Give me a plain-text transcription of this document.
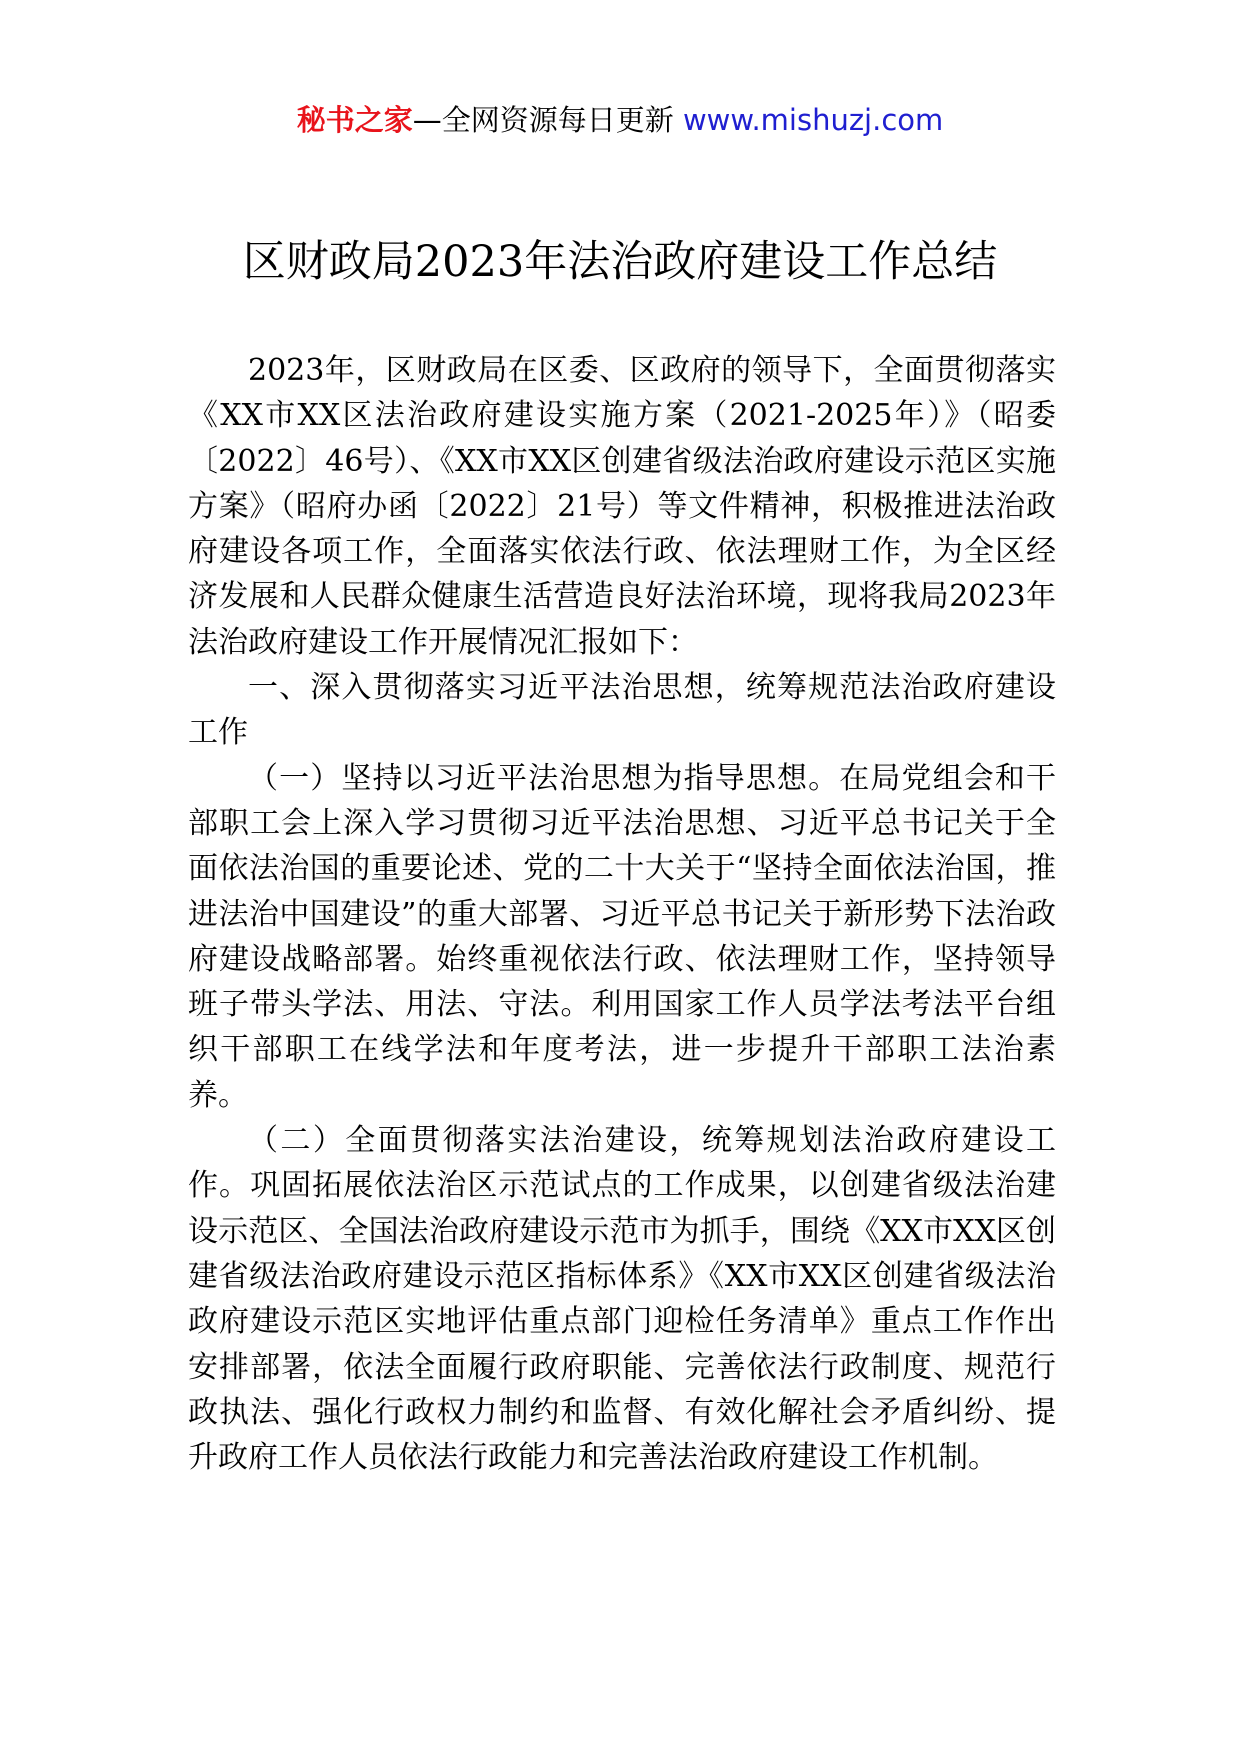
秘书之家—全网资源每日更新 www.mishuzj.com
区财政局2023年法治政府建设工作总结

2023年，区财政局在区委、区政府的领导下，全面贯彻落实《XX市XX区法治政府建设实施方案（2021-2025年）》（昭委〔2022〕46号）、《XX市XX区创建省级法治政府建设示范区实施方案》（昭府办函〔2022〕21号）等文件精神，积极推进法治政府建设各项工作，全面落实依法行政、依法理财工作，为全区经济发展和人民群众健康生活营造良好法治环境，现将我局2023年法治政府建设工作开展情况汇报如下：

一、深入贯彻落实习近平法治思想，统筹规范法治政府建设工作

（一）坚持以习近平法治思想为指导思想。在局党组会和干部职工会上深入学习贯彻习近平法治思想、习近平总书记关于全面依法治国的重要论述、党的二十大关于“坚持全面依法治国，推进法治中国建设”的重大部署、习近平总书记关于新形势下法治政府建设战略部署。始终重视依法行政、依法理财工作，坚持领导班子带头学法、用法、守法。利用国家工作人员学法考法平台组织干部职工在线学法和年度考法，进一步提升干部职工法治素养。

（二）全面贯彻落实法治建设，统筹规划法治政府建设工作。巩固拓展依法治区示范试点的工作成果，以创建省级法治建设示范区、全国法治政府建设示范市为抓手，围绕《XX市XX区创建省级法治政府建设示范区指标体系》《XX市XX区创建省级法治政府建设示范区实地评估重点部门迎检任务清单》重点工作作出安排部署，依法全面履行政府职能、完善依法行政制度、规范行政执法、强化行政权力制约和监督、有效化解社会矛盾纠纷、提升政府工作人员依法行政能力和完善法治政府建设工作机制。
